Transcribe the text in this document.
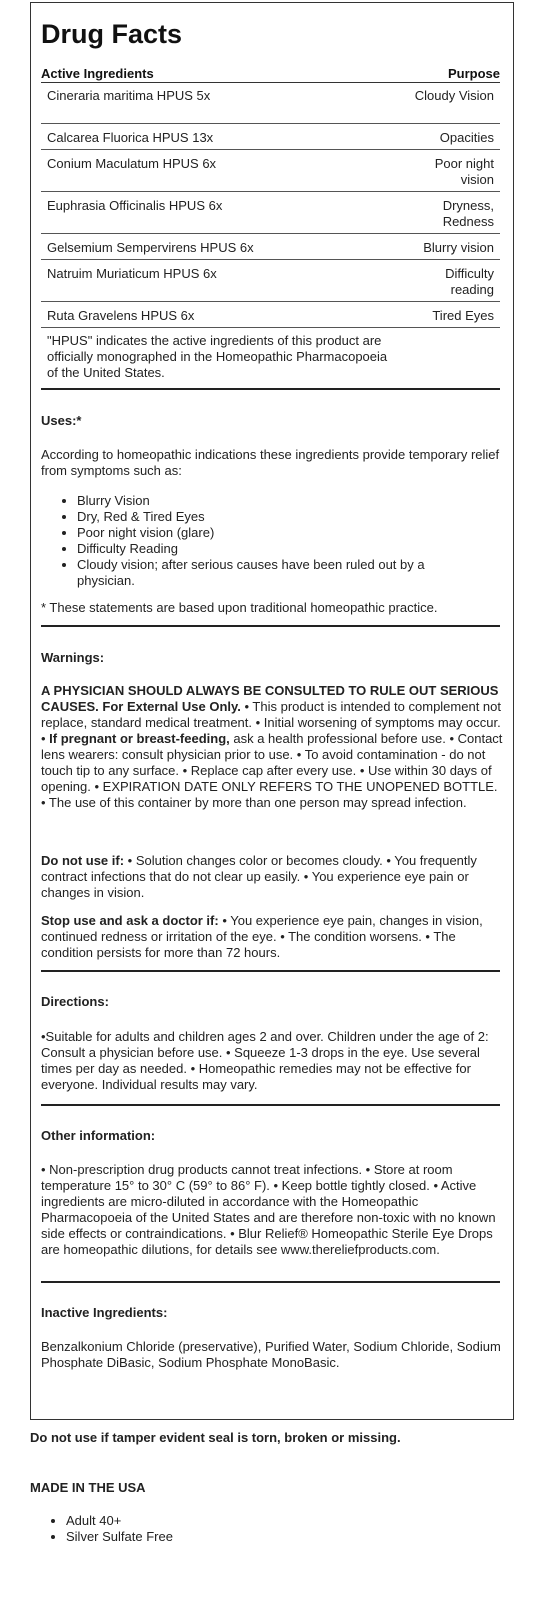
Drug Facts
Active Ingredients	Purpose
Cineraria maritima HPUS 5x	Cloudy Vision
Calcarea Fluorica HPUS 13x	Opacities
Conium Maculatum HPUS 6x	Poor night vision
Euphrasia Officinalis HPUS 6x	Dryness, Redness
Gelsemium Sempervirens HPUS 6x	Blurry vision
Natruim Muriaticum HPUS 6x	Difficulty reading
Ruta Gravelens HPUS 6x	Tired Eyes
"HPUS" indicates the active ingredients of this product are officially monographed in the Homeopathic Pharmacopoeia of the United States.
Uses:*
According to homeopathic indications these ingredients provide temporary relief from symptoms such as:
• Blurry Vision
• Dry, Red & Tired Eyes
• Poor night vision (glare)
• Difficulty Reading
• Cloudy vision; after serious causes have been ruled out by a physician.
* These statements are based upon traditional homeopathic practice.
Warnings:
A PHYSICIAN SHOULD ALWAYS BE CONSULTED TO RULE OUT SERIOUS CAUSES. For External Use Only. • This product is intended to complement not replace, standard medical treatment. • Initial worsening of symptoms may occur. • If pregnant or breast-feeding, ask a health professional before use. • Contact lens wearers: consult physician prior to use. • To avoid contamination - do not touch tip to any surface. • Replace cap after every use. • Use within 30 days of opening. • EXPIRATION DATE ONLY REFERS TO THE UNOPENED BOTTLE. • The use of this container by more than one person may spread infection.
Do not use if: • Solution changes color or becomes cloudy. • You frequently contract infections that do not clear up easily. • You experience eye pain or changes in vision.
Stop use and ask a doctor if: • You experience eye pain, changes in vision, continued redness or irritation of the eye. • The condition worsens. • The condition persists for more than 72 hours.
Directions:
•Suitable for adults and children ages 2 and over. Children under the age of 2: Consult a physician before use. • Squeeze 1-3 drops in the eye. Use several times per day as needed. • Homeopathic remedies may not be effective for everyone. Individual results may vary.
Other information:
• Non-prescription drug products cannot treat infections. • Store at room temperature 15° to 30° C (59° to 86° F). • Keep bottle tightly closed. • Active ingredients are micro-diluted in accordance with the Homeopathic Pharmacopoeia of the United States and are therefore non-toxic with no known side effects or contraindications. • Blur Relief® Homeopathic Sterile Eye Drops are homeopathic dilutions, for details see www.thereliefproducts.com.
Inactive Ingredients:
Benzalkonium Chloride (preservative), Purified Water, Sodium Chloride, Sodium Phosphate DiBasic, Sodium Phosphate MonoBasic.
Do not use if tamper evident seal is torn, broken or missing.
MADE IN THE USA
• Adult 40+
• Silver Sulfate Free
